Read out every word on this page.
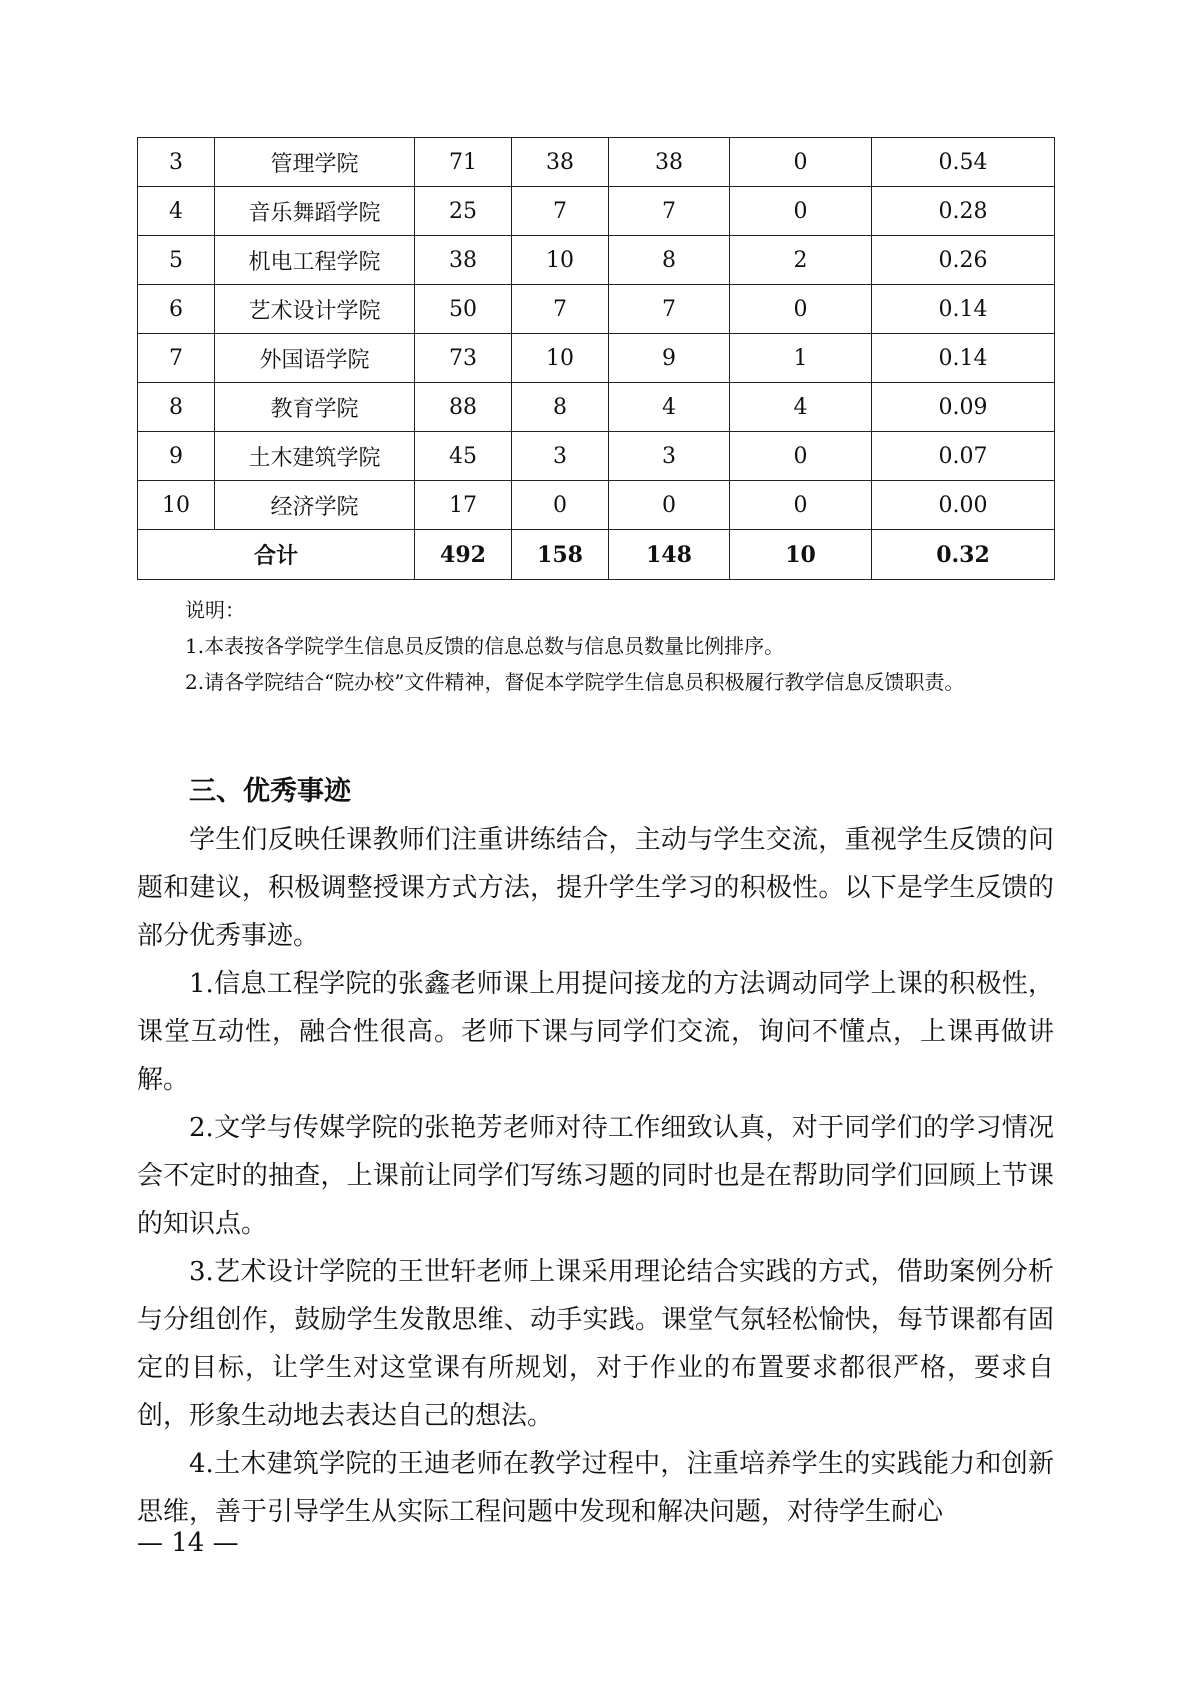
3	管理学院	71	38	38	0	0.54
4	音乐舞蹈学院	25	7	7	0	0.28
5	机电工程学院	38	10	8	2	0.26
6	艺术设计学院	50	7	7	0	0.14
7	外国语学院	73	10	9	1	0.14
8	教育学院	88	8	4	4	0.09
9	土木建筑学院	45	3	3	0	0.07
10	经济学院	17	0	0	0	0.00
合计		492	158	148	10	0.32

说明：

1.本表按各学院学生信息员反馈的信息总数与信息员数量比例排序。

2.请各学院结合“院办校”文件精神，督促本学院学生信息员积极履行教学信息反馈职责。

三、优秀事迹

学生们反映任课教师们注重讲练结合，主动与学生交流，重视学生反馈的问题和建议，积极调整授课方式方法，提升学生学习的积极性。以下是学生反馈的部分优秀事迹。

1.信息工程学院的张鑫老师课上用提问接龙的方法调动同学上课的积极性，课堂互动性，融合性很高。老师下课与同学们交流，询问不懂点，上课再做讲解。

2.文学与传媒学院的张艳芳老师对待工作细致认真，对于同学们的学习情况会不定时的抽查，上课前让同学们写练习题的同时也是在帮助同学们回顾上节课的知识点。

3.艺术设计学院的王世轩老师上课采用理论结合实践的方式，借助案例分析与分组创作，鼓励学生发散思维、动手实践。课堂气氛轻松愉快，每节课都有固定的目标，让学生对这堂课有所规划，对于作业的布置要求都很严格，要求自创，形象生动地去表达自己的想法。

4.土木建筑学院的王迪老师在教学过程中，注重培养学生的实践能力和创新思维，善于引导学生从实际工程问题中发现和解决问题，对待学生耐心

— 14 —
